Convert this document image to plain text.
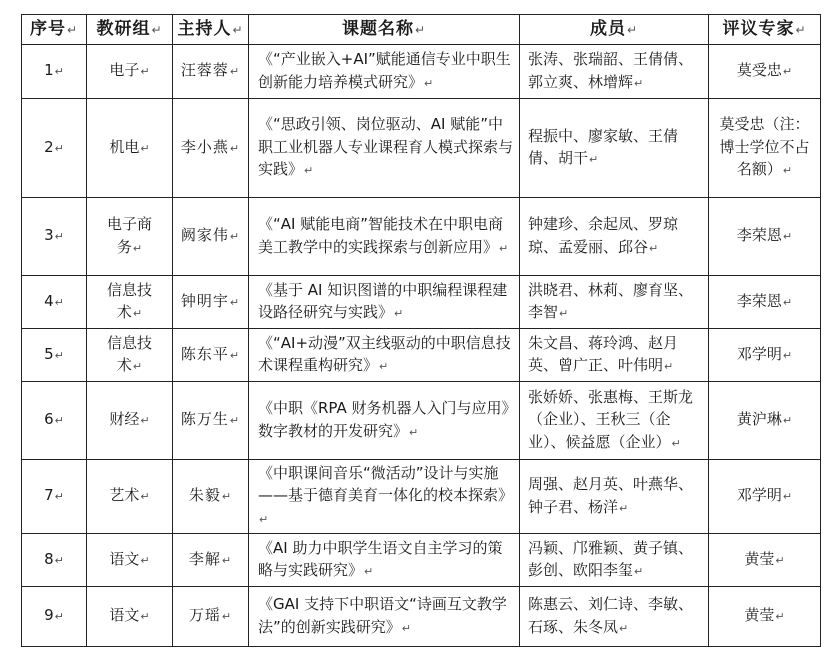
序号↵	教研组↵	主持人↵	课题名称↵	成员↵	评议专家↵
1↵	电子↵	汪蓉蓉↵	《“产业嵌入+AI”赋能通信专业中职生创新能力培养模式研究》↵	张涛、张瑞韶、王倩倩、郭立爽、林增辉↵	莫受忠↵
2↵	机电↵	李小燕↵	《“思政引领、岗位驱动、AI 赋能”中职工业机器人专业课程育人模式探索与实践》↵	程振中、廖家敏、王倩倩、胡干↵	莫受忠（注：博士学位不占名额）↵
3↵	电子商务↵	阙家伟↵	《“AI 赋能电商”智能技术在中职电商美工教学中的实践探索与创新应用》↵	钟建珍、余起凤、罗琼琼、孟爱丽、邱谷↵	李荣恩↵
4↵	信息技术↵	钟明宇↵	《基于 AI 知识图谱的中职编程课程建设路径研究与实践》↵	洪晓君、林莉、廖育坚、李智↵	李荣恩↵
5↵	信息技术↵	陈东平↵	《“AI+动漫”双主线驱动的中职信息技术课程重构研究》↵	朱文昌、蒋玲鸿、赵月英、曾广正、叶伟明↵	邓学明↵
6↵	财经↵	陈万生↵	《中职《RPA 财务机器人入门与应用》数字教材的开发研究》↵	张娇娇、张惠梅、王斯龙（企业）、王秋三（企业）、候益愿（企业）↵	黄沪琳↵
7↵	艺术↵	朱毅↵	《中职课间音乐“微活动”设计与实施——基于德育美育一体化的校本探索》↵	周强、赵月英、叶燕华、钟子君、杨洋↵	邓学明↵
8↵	语文↵	李解↵	《AI 助力中职学生语文自主学习的策略与实践研究》↵	冯颖、邝雅颖、黄子镇、彭创、欧阳李玺↵	黄莹↵
9↵	语文↵	万瑶↵	《GAI 支持下中职语文“诗画互文教学法”的创新实践研究》↵	陈惠云、刘仁诗、李敏、石琢、朱冬凤↵	黄莹↵
